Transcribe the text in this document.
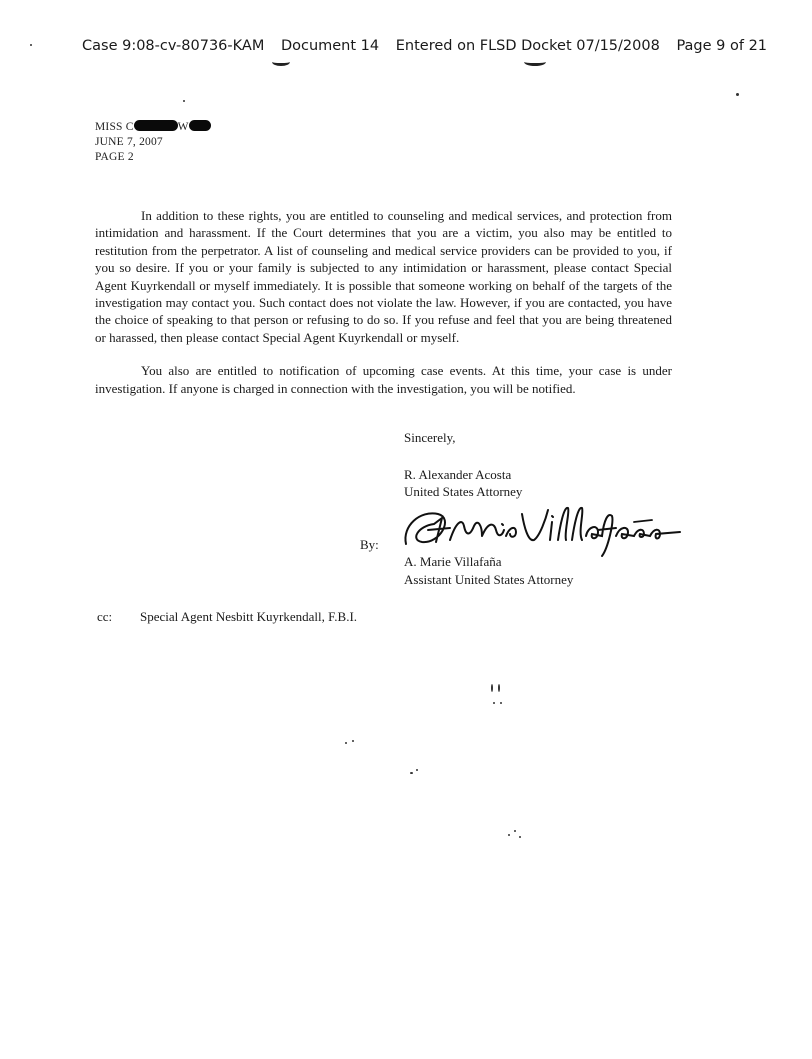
Case 9:08-cv-80736-KAM Document 14 Entered on FLSD Docket 07/15/2008 Page 9 of 21
MISS C	W
JUNE 7, 2007
PAGE 2

In addition to these rights, you are entitled to counseling and medical services, and protection from intimidation and harassment. If the Court determines that you are a victim, you also may be entitled to restitution from the perpetrator. A list of counseling and medical service providers can be provided to you, if you so desire. If you or your family is subjected to any intimidation or harassment, please contact Special Agent Kuyrkendall or myself immediately. It is possible that someone working on behalf of the targets of the investigation may contact you. Such contact does not violate the law. However, if you are contacted, you have the choice of speaking to that person or refusing to do so. If you refuse and feel that you are being threatened or harassed, then please contact Special Agent Kuyrkendall or myself.

You also are entitled to notification of upcoming case events. At this time, your case is under investigation. If anyone is charged in connection with the investigation, you will be notified.

Sincerely,
R. Alexander Acosta
United States Attorney
By:
A. Marie Villafaña
Assistant United States Attorney
cc: Special Agent Nesbitt Kuyrkendall, F.B.I.
